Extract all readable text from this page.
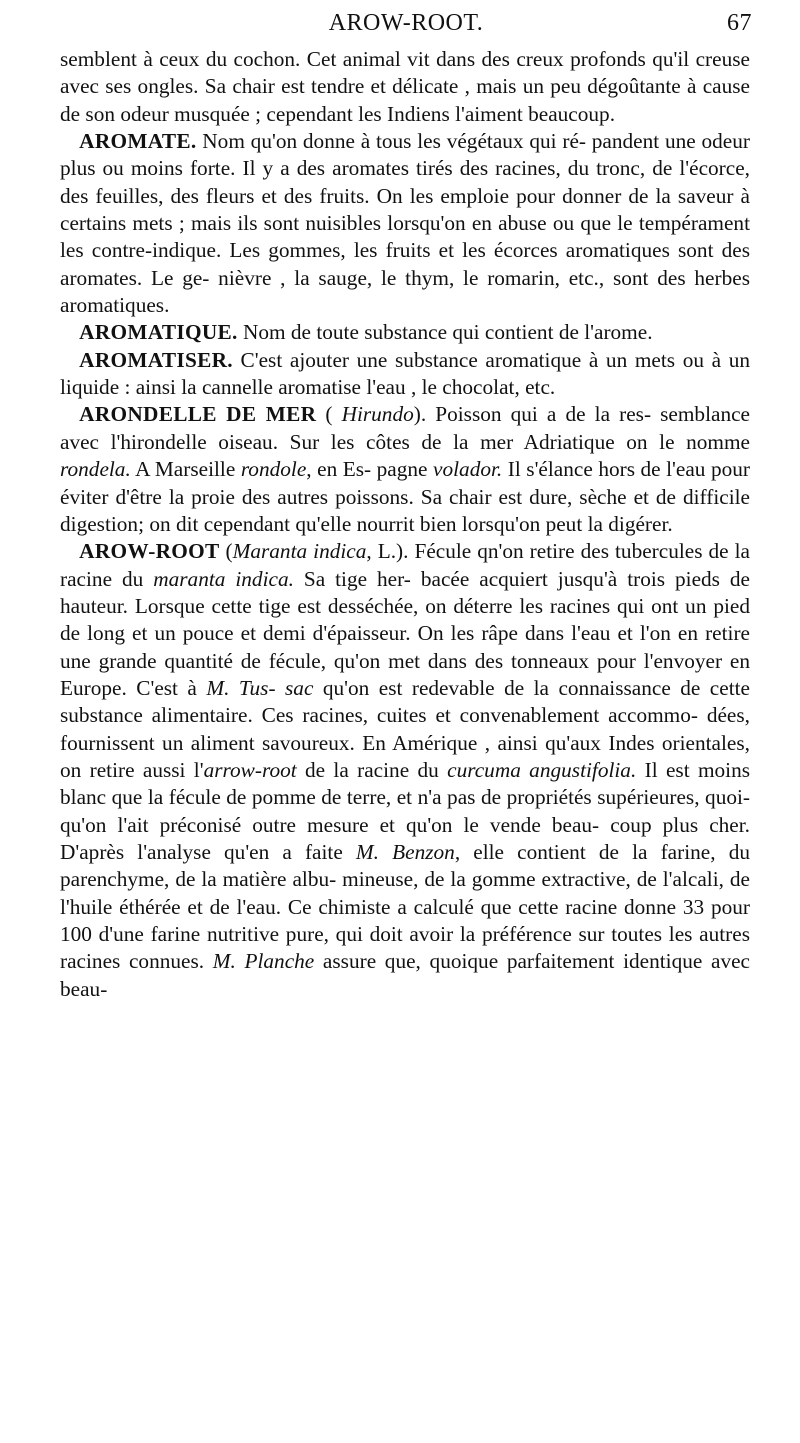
AROW-ROOT.	67

semblent à ceux du cochon. Cet animal vit dans des creux profonds qu'il creuse avec ses ongles. Sa chair est tendre et délicate , mais un peu dégoûtante à cause de son odeur musquée ; cependant les Indiens l'aiment beaucoup.

AROMATE. Nom qu'on donne à tous les végétaux qui ré- pandent une odeur plus ou moins forte. Il y a des aromates tirés des racines, du tronc, de l'écorce, des feuilles, des fleurs et des fruits. On les emploie pour donner de la saveur à certains mets ; mais ils sont nuisibles lorsqu'on en abuse ou que le tempérament les contre-indique. Les gommes, les fruits et les écorces aromatiques sont des aromates. Le ge- nièvre , la sauge, le thym, le romarin, etc., sont des herbes aromatiques.

AROMATIQUE. Nom de toute substance qui contient de l'arome.

AROMATISER. C'est ajouter une substance aromatique à un mets ou à un liquide : ainsi la cannelle aromatise l'eau , le chocolat, etc.

ARONDELLE DE MER ( Hirundo). Poisson qui a de la res- semblance avec l'hirondelle oiseau. Sur les côtes de la mer Adriatique on le nomme rondela. A Marseille rondole, en Es- pagne volador. Il s'élance hors de l'eau pour éviter d'être la proie des autres poissons. Sa chair est dure, sèche et de difficile digestion; on dit cependant qu'elle nourrit bien lorsqu'on peut la digérer.

AROW-ROOT (Maranta indica, L.). Fécule qn'on retire des tubercules de la racine du maranta indica. Sa tige her- bacée acquiert jusqu'à trois pieds de hauteur. Lorsque cette tige est desséchée, on déterre les racines qui ont un pied de long et un pouce et demi d'épaisseur. On les râpe dans l'eau et l'on en retire une grande quantité de fécule, qu'on met dans des tonneaux pour l'envoyer en Europe. C'est à M. Tus- sac qu'on est redevable de la connaissance de cette substance alimentaire. Ces racines, cuites et convenablement accommo- dées, fournissent un aliment savoureux. En Amérique , ainsi qu'aux Indes orientales, on retire aussi l'arrow-root de la racine du curcuma angustifolia. Il est moins blanc que la fécule de pomme de terre, et n'a pas de propriétés supérieures, quoi- qu'on l'ait préconisé outre mesure et qu'on le vende beau- coup plus cher. D'après l'analyse qu'en a faite M. Benzon, elle contient de la farine, du parenchyme, de la matière albu- mineuse, de la gomme extractive, de l'alcali, de l'huile éthérée et de l'eau. Ce chimiste a calculé que cette racine donne 33 pour 100 d'une farine nutritive pure, qui doit avoir la préférence sur toutes les autres racines connues. M. Planche assure que, quoique parfaitement identique avec beau-
